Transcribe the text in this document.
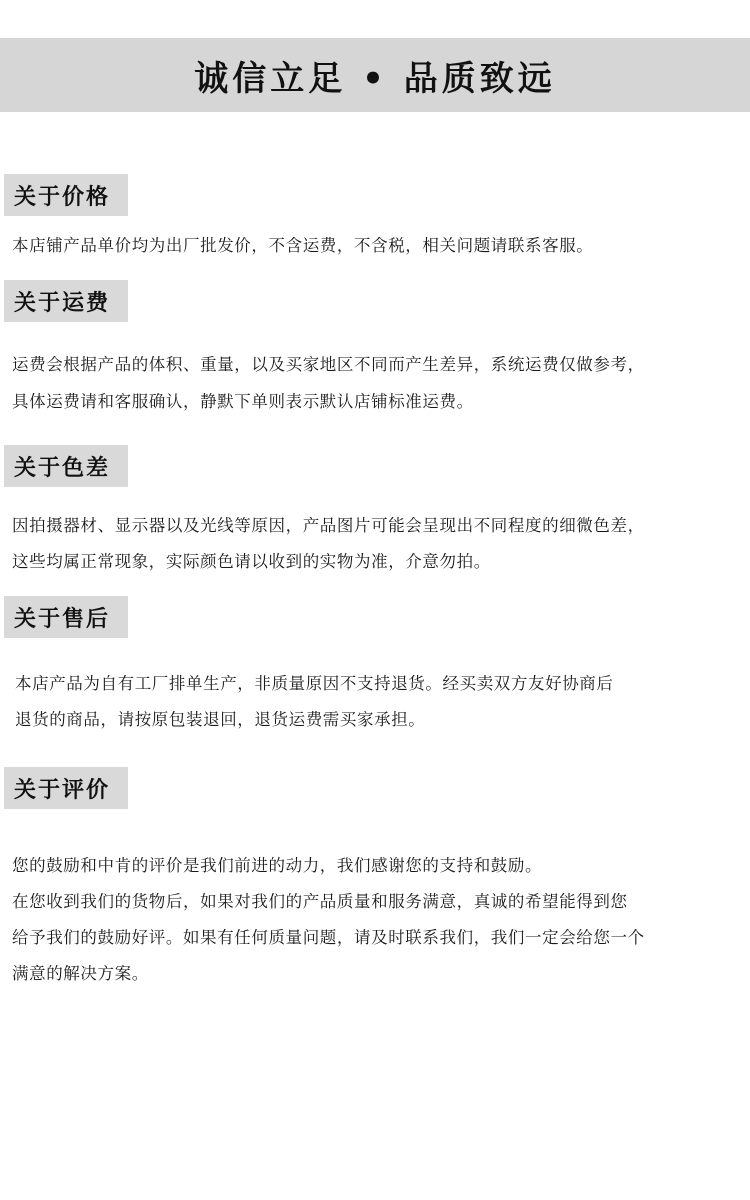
诚信立足 • 品质致远
关于价格
本店铺产品单价均为出厂批发价，不含运费，不含税，相关问题请联系客服。
关于运费
运费会根据产品的体积、重量，以及买家地区不同而产生差异，系统运费仅做参考，
具体运费请和客服确认，静默下单则表示默认店铺标准运费。
关于色差
因拍摄器材、显示器以及光线等原因，产品图片可能会呈现出不同程度的细微色差，
这些均属正常现象，实际颜色请以收到的实物为准，介意勿拍。
关于售后
本店产品为自有工厂排单生产，非质量原因不支持退货。经买卖双方友好协商后
退货的商品，请按原包装退回，退货运费需买家承担。
关于评价
您的鼓励和中肯的评价是我们前进的动力，我们感谢您的支持和鼓励。
在您收到我们的货物后，如果对我们的产品质量和服务满意，真诚的希望能得到您
给予我们的鼓励好评。如果有任何质量问题，请及时联系我们，我们一定会给您一个
满意的解决方案。
